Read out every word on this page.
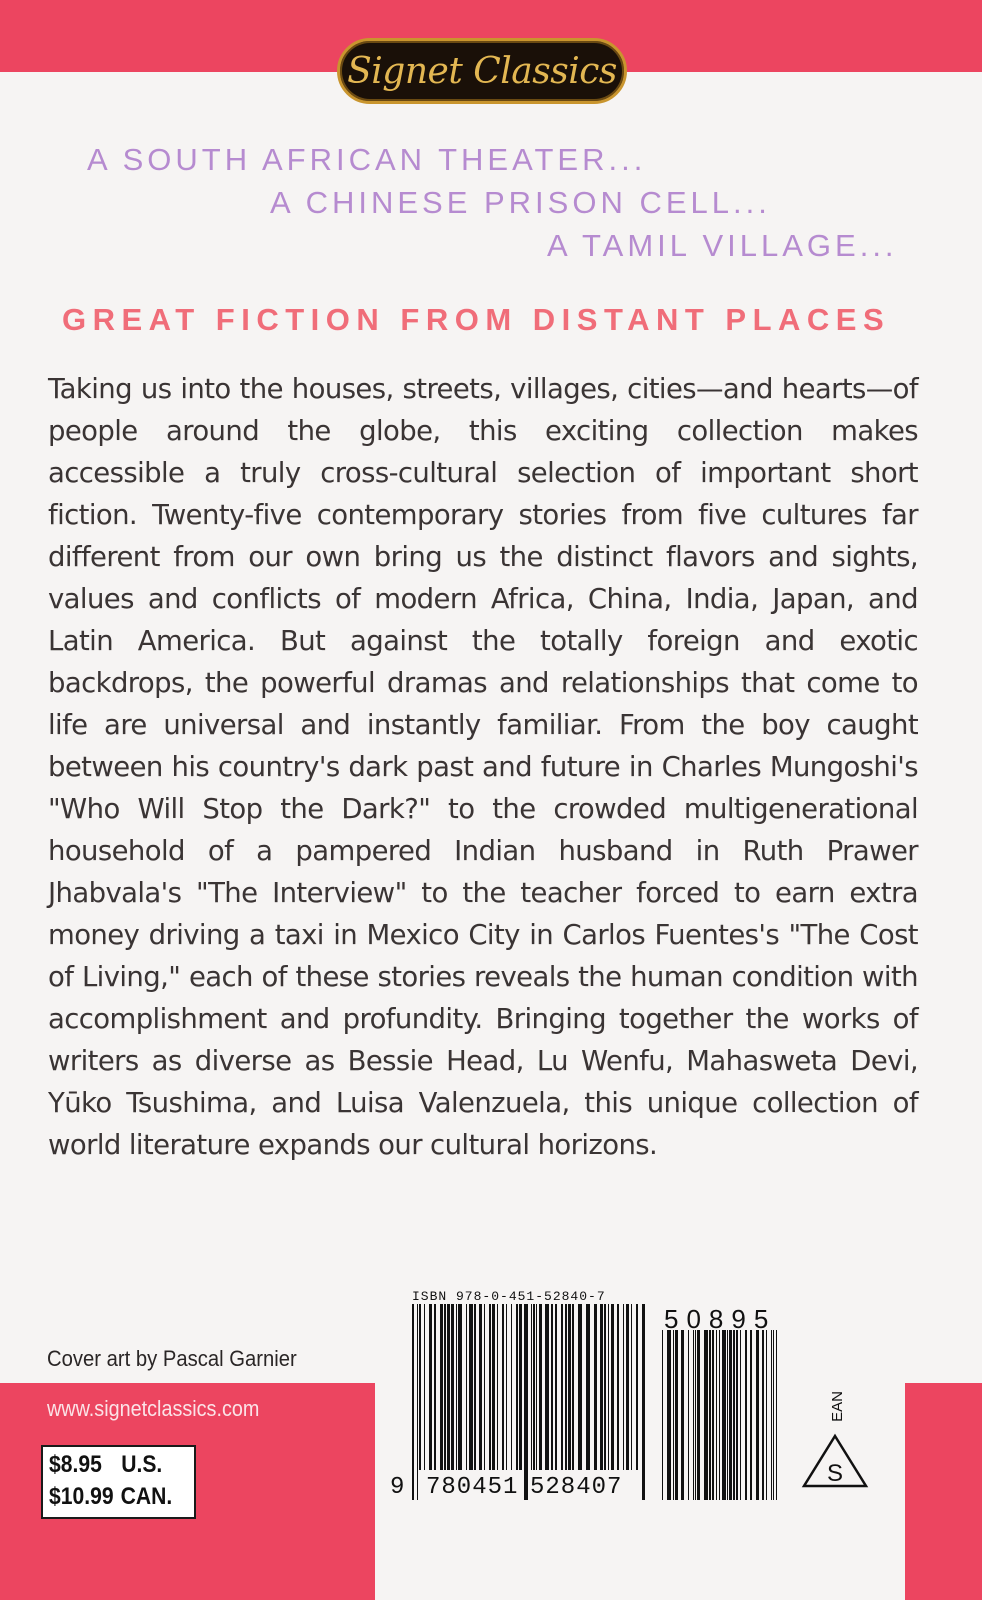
Signet Classics
A SOUTH AFRICAN THEATER...
A CHINESE PRISON CELL...
A TAMIL VILLAGE...
GREAT FICTION FROM DISTANT PLACES
Taking us into the houses, streets, villages, cities—and hearts—of people around the globe, this exciting collection makes accessible a truly cross-cultural selection of important short fiction. Twenty-five contemporary stories from five cultures far different from our own bring us the distinct flavors and sights, values and conflicts of modern Africa, China, India, Japan, and Latin America. But against the totally foreign and exotic backdrops, the powerful dramas and relationships that come to life are universal and instantly familiar. From the boy caught between his country's dark past and future in Charles Mungoshi's "Who Will Stop the Dark?" to the crowded multigenerational household of a pampered Indian husband in Ruth Prawer Jhabvala's "The Interview" to the teacher forced to earn extra money driving a taxi in Mexico City in Carlos Fuentes's "The Cost of Living," each of these stories reveals the human condition with accomplishment and profundity. Bringing together the works of writers as diverse as Bessie Head, Lu Wenfu, Mahasweta Devi, Yūko Tsushima, and Luisa Valenzuela, this unique collection of world literature expands our cultural horizons.
Cover art by Pascal Garnier
www.signetclassics.com
$8.95 U.S.
$10.99 CAN.
ISBN 978-0-451-52840-7
9 780451 528407
50895
EAN
S
